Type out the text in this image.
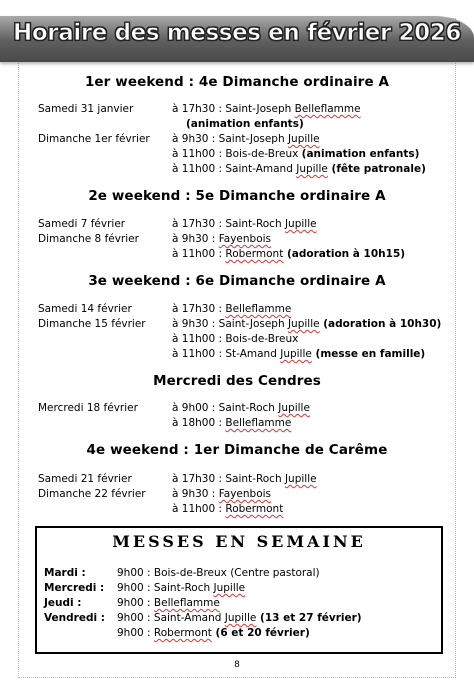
Horaire des messes en février 2026
1er weekend : 4e Dimanche ordinaire A
Samedi 31 janvier	à 17h30 : Saint-Joseph Belleflamme
(animation enfants)
Dimanche 1er février à 9h30 : Saint-Joseph Jupille
à 11h00 : Bois-de-Breux (animation enfants)
à 11h00 : Saint-Amand Jupille (fête patronale)
2e weekend : 5e Dimanche ordinaire A
Samedi 7 février	à 17h30 : Saint-Roch Jupille
Dimanche 8 février	à 9h30 : Fayenbois
à 11h00 : Robermont (adoration à 10h15)
3e weekend : 6e Dimanche ordinaire A
Samedi 14 février	à 17h30 : Belleflamme
Dimanche 15 février	à 9h30 : Saint-Joseph Jupille (adoration à 10h30)
à 11h00 : Bois-de-Breux
à 11h00 : St-Amand Jupille (messe en famille)
Mercredi des Cendres
Mercredi 18 février	à 9h00 : Saint-Roch Jupille
à 18h00 : Belleflamme
4e weekend : 1er Dimanche de Carême
Samedi 21 février	à 17h30 : Saint-Roch Jupille
Dimanche 22 février	à 9h30 : Fayenbois
à 11h00 : Robermont
MESSES EN SEMAINE
Mardi :	9h00 : Bois-de-Breux (Centre pastoral)
Mercredi : 9h00 : Saint-Roch Jupille
Jeudi :	9h00 : Belleflamme
Vendredi : 9h00 : Saint-Amand Jupille (13 et 27 février)
9h00 : Robermont (6 et 20 février)
8
